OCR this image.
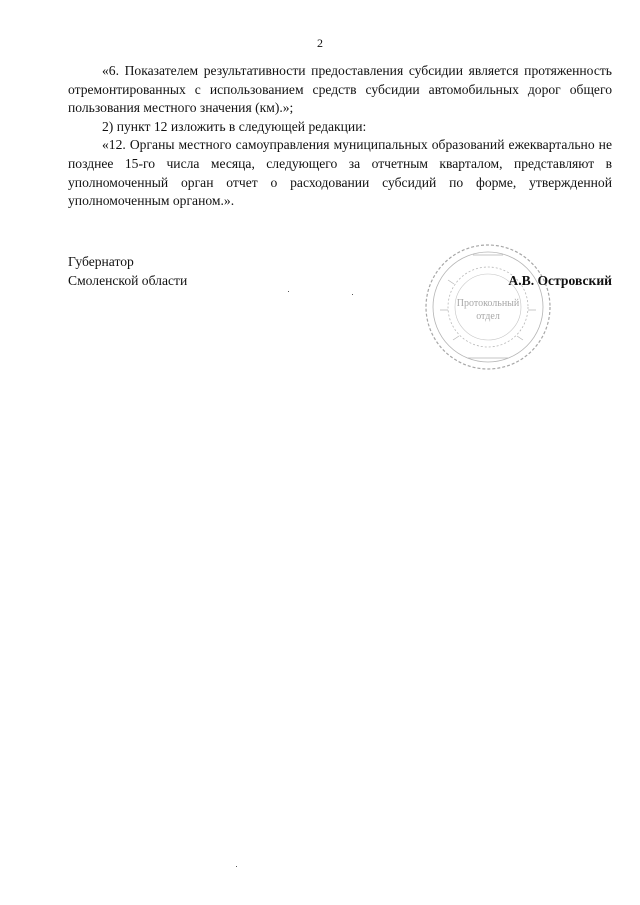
2

«6. Показателем результативности предоставления субсидии является протяженность отремонтированных с использованием средств субсидии автомобильных дорог общего пользования местного значения (км).»;

2) пункт 12 изложить в следующей редакции:

«12. Органы местного самоуправления муниципальных образований ежеквартально не позднее 15-го числа месяца, следующего за отчетным кварталом, представляют в уполномоченный орган отчет о расходовании субсидий по форме, утвержденной уполномоченным органом.».

Протокольный
отдел
Губернатор
Смоленской области	А.В. Островский
